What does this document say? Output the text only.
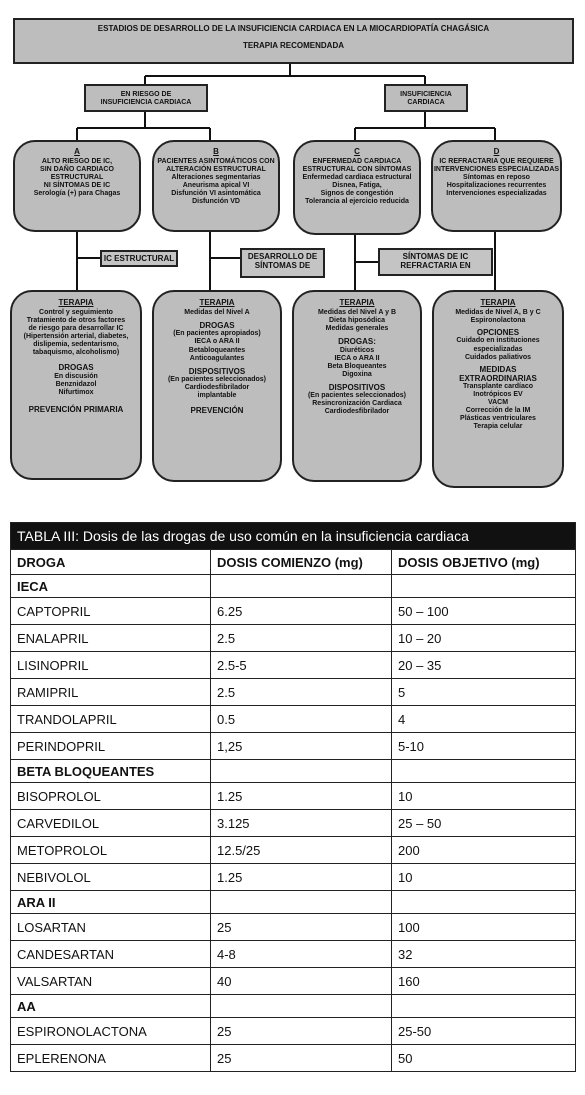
ESTADIOS DE DESARROLLO DE LA INSUFICIENCIA CARDIACA EN LA MIOCARDIOPATÍA CHAGÁSICA
TERAPIA RECOMENDADA
EN RIESGO DE
INSUFICIENCIA CARDIACA
INSUFICIENCIA
CARDIACA
A
ALTO RIESGO DE IC,
SIN DAÑO CARDIACO
ESTRUCTURAL
NI SÍNTOMAS DE IC
Serología (+) para Chagas
B
PACIENTES ASINTOMÁTICOS CON
ALTERACIÓN ESTRUCTURAL
Alteraciones segmentarias
Aneurisma apical VI
Disfunción VI asintomática
Disfunción VD
C
ENFERMEDAD CARDIACA
ESTRUCTURAL CON SÍNTOMAS
Enfermedad cardiaca estructural
Disnea, Fatiga,
Signos de congestión
Tolerancia al ejercicio reducida
D
IC REFRACTARIA QUE REQUIERE
INTERVENCIONES ESPECIALIZADAS
Síntomas en reposo
Hospitalizaciones recurrentes
Intervenciones especializadas
IC ESTRUCTURAL	DESARROLLO DE SÍNTOMAS DE
SÍNTOMAS DE IC REFRACTARIA EN
TERAPIA
Control y seguimiento
Tratamiento de otros factores
de riesgo para desarrollar IC
(Hipertensión arterial, diabetes,
dislipemia, sedentarismo,
tabaquismo, alcoholismo)
DROGAS
En discusión
Benznidazol
Nifurtimox
PREVENCIÓN PRIMARIA
TERAPIA
Medidas del Nivel A
DROGAS
(En pacientes apropiados)
IECA o ARA II
Betabloqueantes
Anticoagulantes
DISPOSITIVOS
(En pacientes seleccionados)
Cardiodesfibrilador
implantable
PREVENCIÓN
TERAPIA
Medidas del Nivel A y B
Dieta hiposódica
Medidas generales
DROGAS:
Diuréticos
IECA o ARA II
Beta Bloqueantes
Digoxina
DISPOSITIVOS
(En pacientes seleccionados)
Resincronización Cardiaca
Cardiodesfibrilador
TERAPIA
Medidas de Nivel A, B y C
Espironolactona
OPCIONES
Cuidado en instituciones
especializadas
Cuidados paliativos
MEDIDAS
EXTRAORDINARIAS
Transplante cardíaco
Inotrópicos EV
VACM
Corrección de la IM
Plásticas ventriculares
Terapia celular
TABLA III: Dosis de las drogas de uso común en la insuficiencia cardiaca		
DROGA	DOSIS COMIENZO (mg)	DOSIS OBJETIVO (mg)
IECA		
CAPTOPRIL	6.25	50 – 100
ENALAPRIL	2.5	10 – 20
LISINOPRIL	2.5-5	20 – 35
RAMIPRIL	2.5	5
TRANDOLAPRIL	0.5	4
PERINDOPRIL	1,25	5-10
BETA BLOQUEANTES		
BISOPROLOL	1.25	10
CARVEDILOL	3.125	25 – 50
METOPROLOL	12.5/25	200
NEBIVOLOL	1.25	10
ARA II		
LOSARTAN	25	100
CANDESARTAN	4-8	32
VALSARTAN	40	160
AA		
ESPIRONOLACTONA	25	25-50
EPLERENONA	25	50
